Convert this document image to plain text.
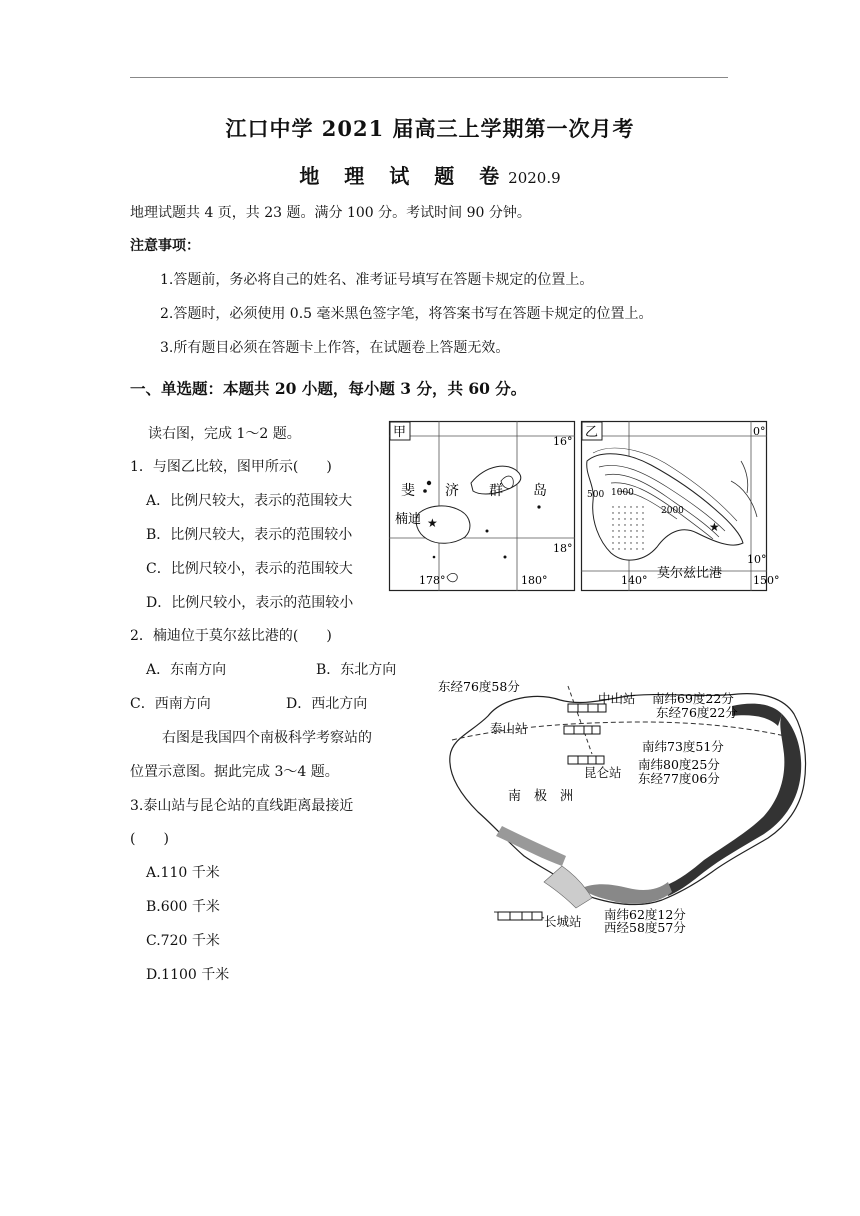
江口中学 2021 届高三上学期第一次月考
地 理 试 题 卷2020.9
地理试题共 4 页，共 23 题。满分 100 分。考试时间 90 分钟。
注意事项：
1.答题前，务必将自己的姓名、准考证号填写在答题卡规定的位置上。
2.答题时，必须使用 0.5 毫米黑色签字笔，将答案书写在答题卡规定的位置上。
3.所有题目必须在答题卡上作答，在试题卷上答题无效。
一、单选题：本题共 20 小题，每小题 3 分，共 60 分。
读右图，完成 1～2 题。
1．与图乙比较，图甲所示(　　)
A．比例尺较大，表示的范围较大
B．比例尺较大，表示的范围较小
C．比例尺较小，表示的范围较大
D．比例尺较小，表示的范围较小
2．楠迪位于莫尔兹比港的(　　)
A．东南方向	B．东北方向
C．西南方向	D．西北方向
右图是我国四个南极科学考察站的
位置示意图。据此完成 3～4 题。
3.泰山站与昆仑站的直线距离最接近
(　　)
A.110 千米
B.600 千米
C.720 千米
D.1100 千米
甲
16°
18°
178°	180°
斐 济 群 岛
楠迪 ★
乙	0°
10°
140°	150°
500 1000
2000
★
莫尔兹比港
东经76度58分
中山站 南纬69度22分
东经76度22分
泰山站
南纬73度51分
昆仑站
南纬80度25分
东经77度06分
南　极　洲
长城站 南纬62度12分
西经58度57分
